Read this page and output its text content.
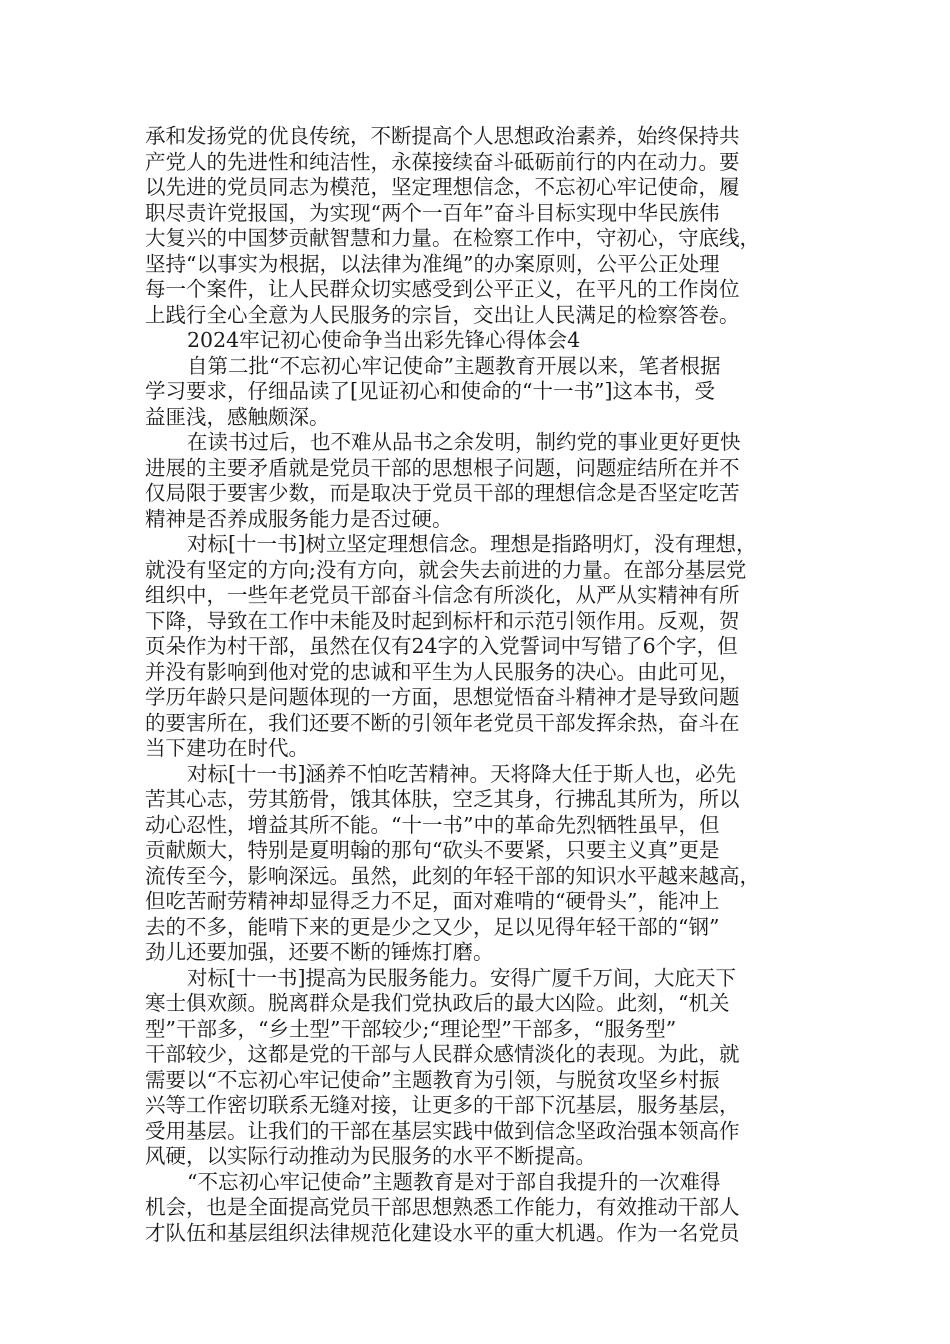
承和发扬党的优良传统，不断提高个人思想政治素养，始终保持共
产党人的先进性和纯洁性，永葆接续奋斗砥砺前行的内在动力。要
以先进的党员同志为模范，坚定理想信念，不忘初心牢记使命，履
职尽责许党报国，为实现“两个一百年”奋斗目标实现中华民族伟
大复兴的中国梦贡献智慧和力量。在检察工作中，守初心，守底线，
坚持“以事实为根据，以法律为准绳”的办案原则，公平公正处理
每一个案件，让人民群众切实感受到公平正义，在平凡的工作岗位
上践行全心全意为人民服务的宗旨，交出让人民满足的检察答卷。
2024牢记初心使命争当出彩先锋心得体会4
自第二批“不忘初心牢记使命”主题教育开展以来，笔者根据
学习要求，仔细品读了[见证初心和使命的“十一书”]这本书，受
益匪浅，感触颇深。
在读书过后，也不难从品书之余发明，制约党的事业更好更快
进展的主要矛盾就是党员干部的思想根子问题，问题症结所在并不
仅局限于要害少数，而是取决于党员干部的理想信念是否坚定吃苦
精神是否养成服务能力是否过硬。
对标[十一书]树立坚定理想信念。理想是指路明灯，没有理想，
就没有坚定的方向;没有方向，就会失去前进的力量。在部分基层党
组织中，一些年老党员干部奋斗信念有所淡化，从严从实精神有所
下降，导致在工作中未能及时起到标杆和示范引领作用。反观，贺
页朵作为村干部，虽然在仅有24字的入党誓词中写错了6个字，但
并没有影响到他对党的忠诚和平生为人民服务的决心。由此可见，
学历年龄只是问题体现的一方面，思想觉悟奋斗精神才是导致问题
的要害所在，我们还要不断的引领年老党员干部发挥余热，奋斗在
当下建功在时代。
对标[十一书]涵养不怕吃苦精神。天将降大任于斯人也，必先
苦其心志，劳其筋骨，饿其体肤，空乏其身，行拂乱其所为，所以
动心忍性，增益其所不能。“十一书”中的革命先烈牺牲虽早，但
贡献颇大，特别是夏明翰的那句“砍头不要紧，只要主义真”更是
流传至今，影响深远。虽然，此刻的年轻干部的知识水平越来越高，
但吃苦耐劳精神却显得乏力不足，面对难啃的“硬骨头”，能冲上
去的不多，能啃下来的更是少之又少，足以见得年轻干部的“钢”
劲儿还要加强，还要不断的锤炼打磨。
对标[十一书]提高为民服务能力。安得广厦千万间，大庇天下
寒士俱欢颜。脱离群众是我们党执政后的最大凶险。此刻，“机关
型”干部多，“乡土型”干部较少;“理论型”干部多，“服务型”
干部较少，这都是党的干部与人民群众感情淡化的表现。为此，就
需要以“不忘初心牢记使命”主题教育为引领，与脱贫攻坚乡村振
兴等工作密切联系无缝对接，让更多的干部下沉基层，服务基层，
受用基层。让我们的干部在基层实践中做到信念坚政治强本领高作
风硬，以实际行动推动为民服务的水平不断提高。
“不忘初心牢记使命”主题教育是对于部自我提升的一次难得
机会，也是全面提高党员干部思想熟悉工作能力，有效推动干部人
才队伍和基层组织法律规范化建设水平的重大机遇。作为一名党员
